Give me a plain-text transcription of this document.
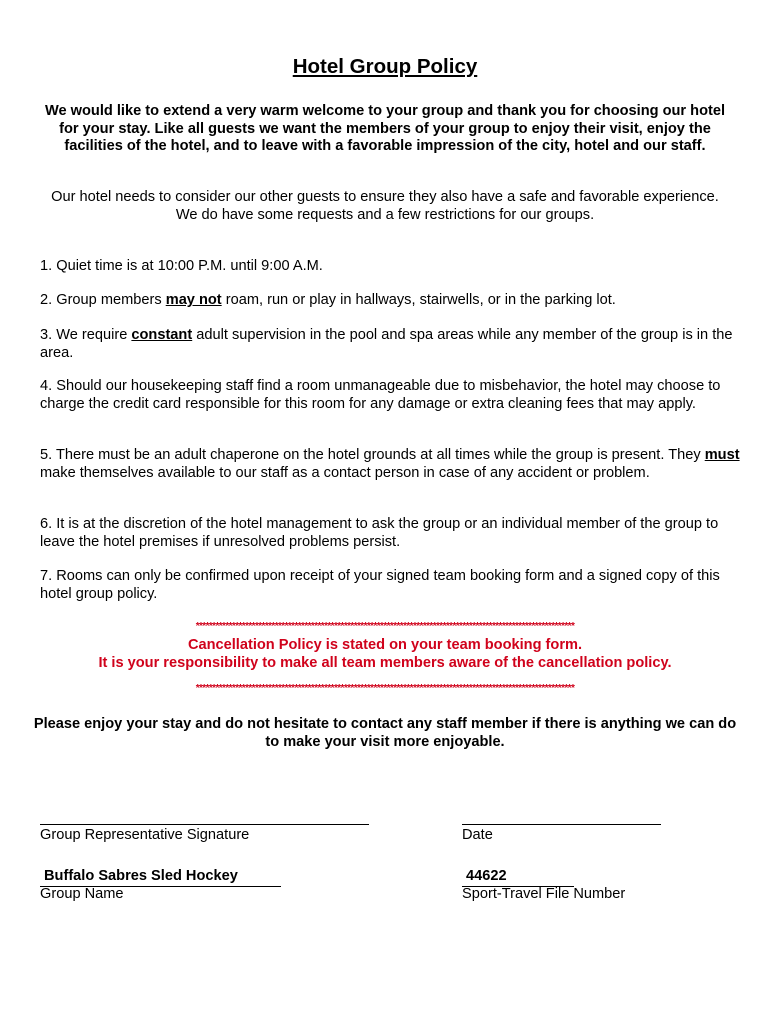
Hotel Group Policy
We would like to extend a very warm welcome to your group and thank you for choosing our hotel for your stay. Like all guests we want the members of your group to enjoy their visit, enjoy the facilities of the hotel, and to leave with a favorable impression of the city, hotel and our staff.
Our hotel needs to consider our other guests to ensure they also have a safe and favorable experience. We do have some requests and a few restrictions for our groups.
1. Quiet time is at 10:00 P.M. until 9:00 A.M.
2. Group members may not roam, run or play in hallways, stairwells, or in the parking lot.
3. We require constant adult supervision in the pool and spa areas while any member of the group is in the area.
4. Should our housekeeping staff find a room unmanageable due to misbehavior, the hotel may choose to charge the credit card responsible for this room for any damage or extra cleaning fees that may apply.
5. There must be an adult chaperone on the hotel grounds at all times while the group is present. They must make themselves available to our staff as a contact person in case of any accident or problem.
6. It is at the discretion of the hotel management to ask the group or an individual member of the group to leave the hotel premises if unresolved problems persist.
7. Rooms can only be confirmed upon receipt of your signed team booking form and a signed copy of this hotel group policy.
*******************************************************************************************************************
Cancellation Policy is stated on your team booking form.
It is your responsibility to make all team members aware of the cancellation policy.
*******************************************************************************************************************
Please enjoy your stay and do not hesitate to contact any staff member if there is anything we can do to make your visit more enjoyable.
Group Representative Signature	Date
Buffalo Sabres Sled Hockey
Group Name
44622
Sport-Travel File Number
